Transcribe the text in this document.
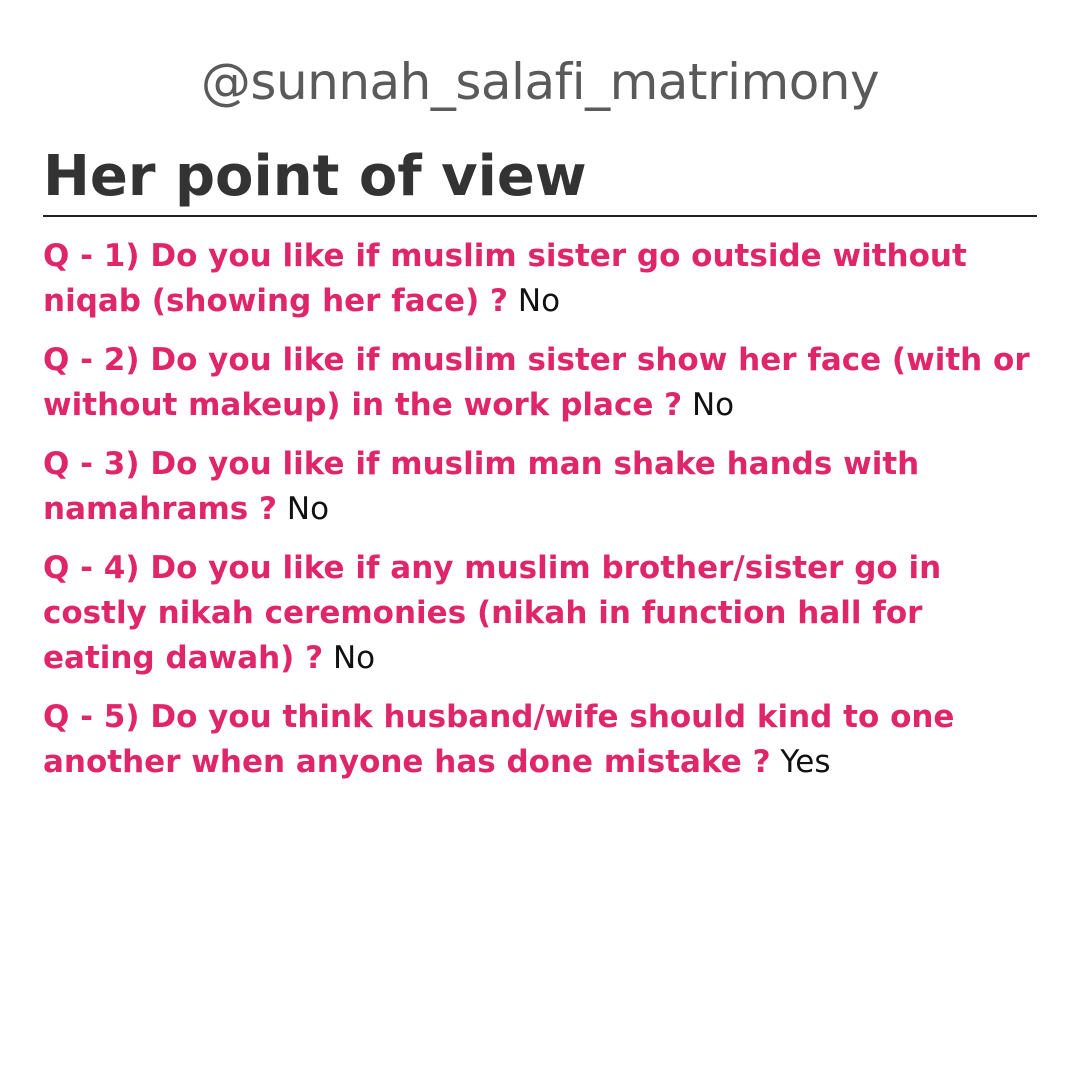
@sunnah_salafi_matrimony
Her point of view
Q - 1) Do you like if muslim sister go outside without niqab (showing her face) ? No
Q - 2) Do you like if muslim sister show her face (with or without makeup) in the work place ? No
Q - 3) Do you like if muslim man shake hands with namahrams ? No
Q - 4) Do you like if any muslim brother/sister go in costly nikah ceremonies (nikah in function hall for eating dawah) ? No
Q - 5) Do you think husband/wife should kind to one another when anyone has done mistake ? Yes
